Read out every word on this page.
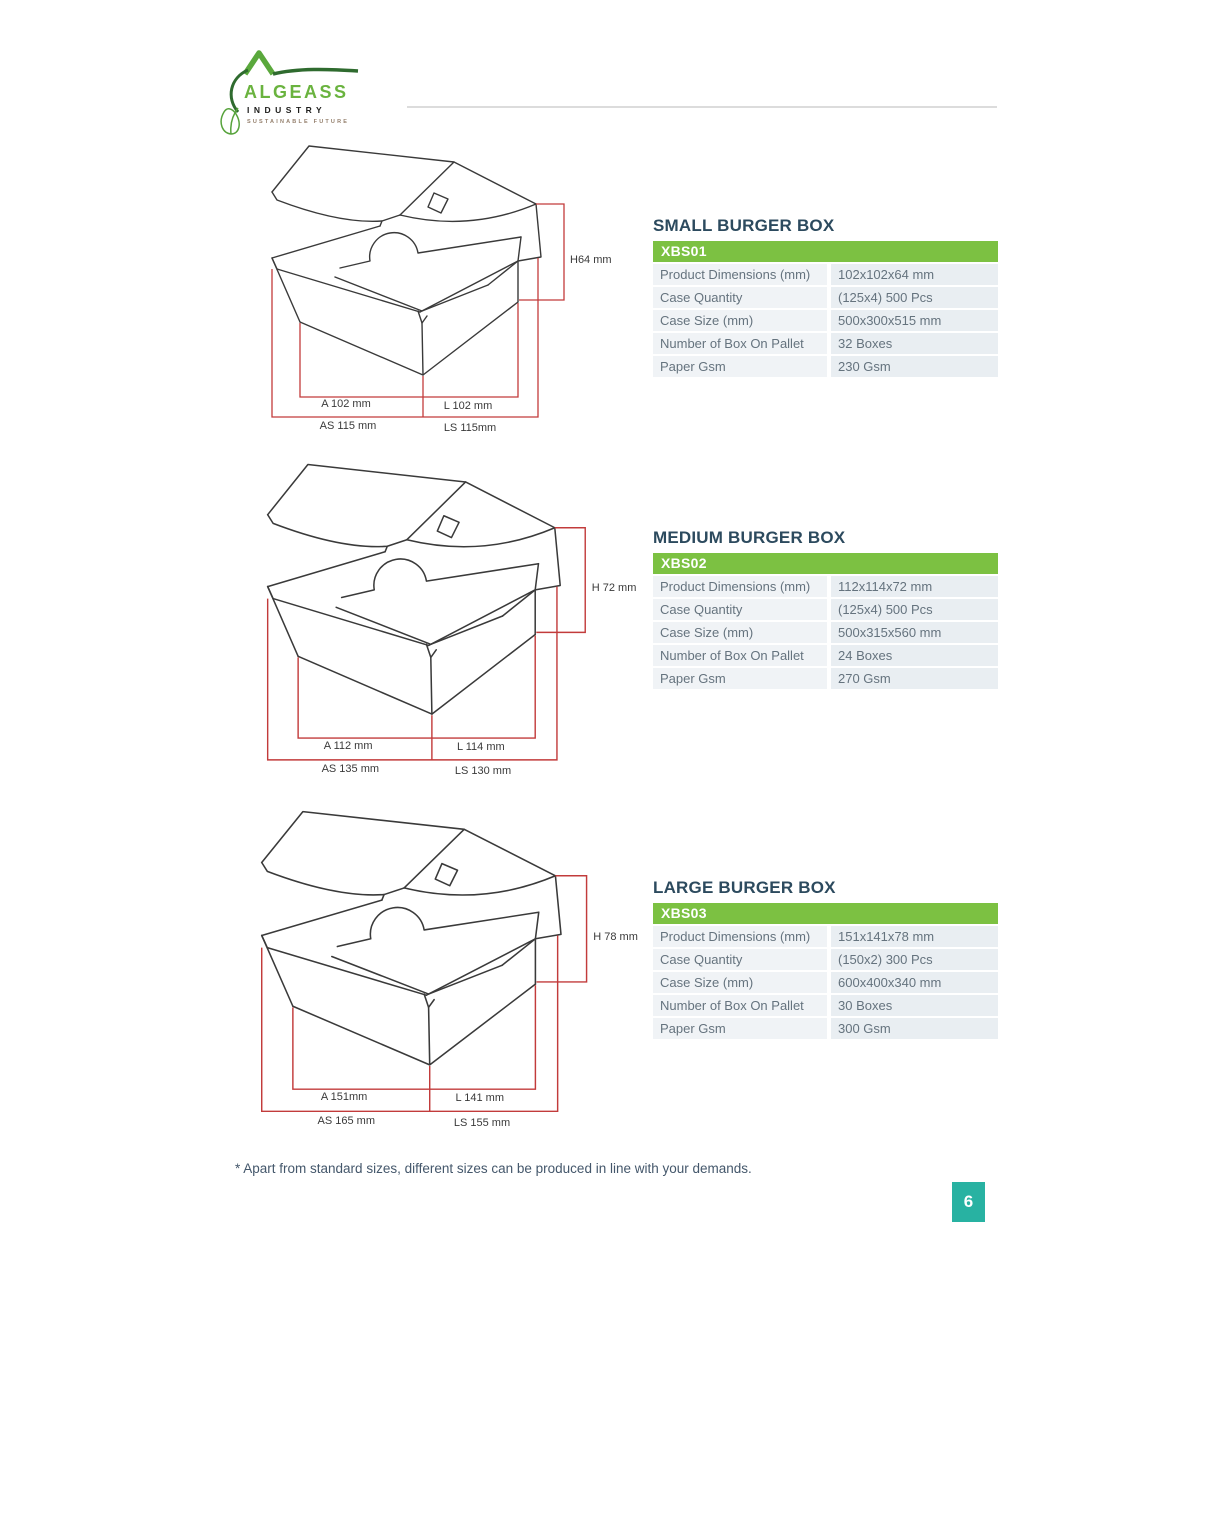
ALGEASS
INDUSTRY
SUSTAINABLE FUTURE
A 102 mm	L 102 mm
AS 115 mm	LS 115mm
H64 mm
SMALL BURGER BOX
XBS01
Product Dimensions (mm)	102x102x64 mm
Case Quantity	(125x4) 500 Pcs
Case Size (mm)	500x300x515 mm
Number of Box On Pallet	32 Boxes
Paper Gsm	230 Gsm
A 112 mm	L 114 mm
AS 135 mm	LS 130 mm
H 72 mm
MEDIUM BURGER BOX
XBS02
Product Dimensions (mm)	112x114x72 mm
Case Quantity	(125x4) 500 Pcs
Case Size (mm)	500x315x560 mm
Number of Box On Pallet	24 Boxes
Paper Gsm	270 Gsm
A 151mm	L 141 mm
AS 165 mm	LS 155 mm
H 78 mm
LARGE BURGER BOX
XBS03
Product Dimensions (mm)	151x141x78 mm
Case Quantity	(150x2) 300 Pcs
Case Size (mm)	600x400x340 mm
Number of Box On Pallet	30 Boxes
Paper Gsm	300 Gsm
* Apart from standard sizes, different sizes can be produced in line with your demands.
6
